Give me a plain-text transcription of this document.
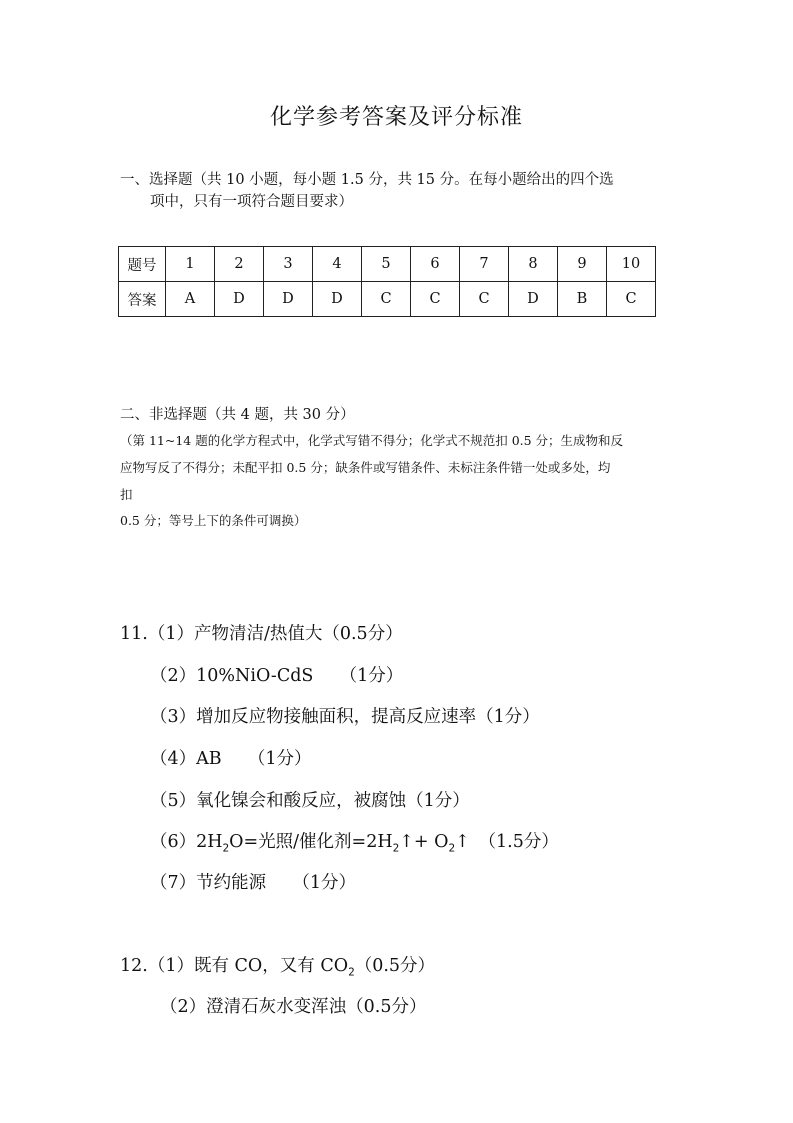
化学参考答案及评分标准
一、选择题（共 10 小题，每小题 1.5 分，共 15 分。在每小题给出的四个选
项中，只有一项符合题目要求）
题号	1	2	3	4	5	6	7	8	9	10
答案	A	D	D	D	C	C	C	D	B	C
二、非选择题（共 4 题，共 30 分）
（第 11~14 题的化学方程式中，化学式写错不得分；化学式不规范扣 0.5 分；生成物和反
应物写反了不得分；未配平扣 0.5 分；缺条件或写错条件、未标注条件错一处或多处，均
扣
0.5 分；等号上下的条件可调换）
11.（1）产物清洁/热值大（0.5分）
（2）10%NiO-CdS　　（1分）
（3）增加反应物接触面积，提高反应速率（1分）
（4）AB　　（1分）
（5）氧化镍会和酸反应，被腐蚀（1分）
$(6)2H_2O=$光照/催化剂$=2H_2↑+$ $O_2↑$　（1.5分）
（7）节约能源　　（1分）
12.（1）既有 CO，又有 $CO_2(0.5$分）
（2）澄清石灰水变浑浊（0.5分）
